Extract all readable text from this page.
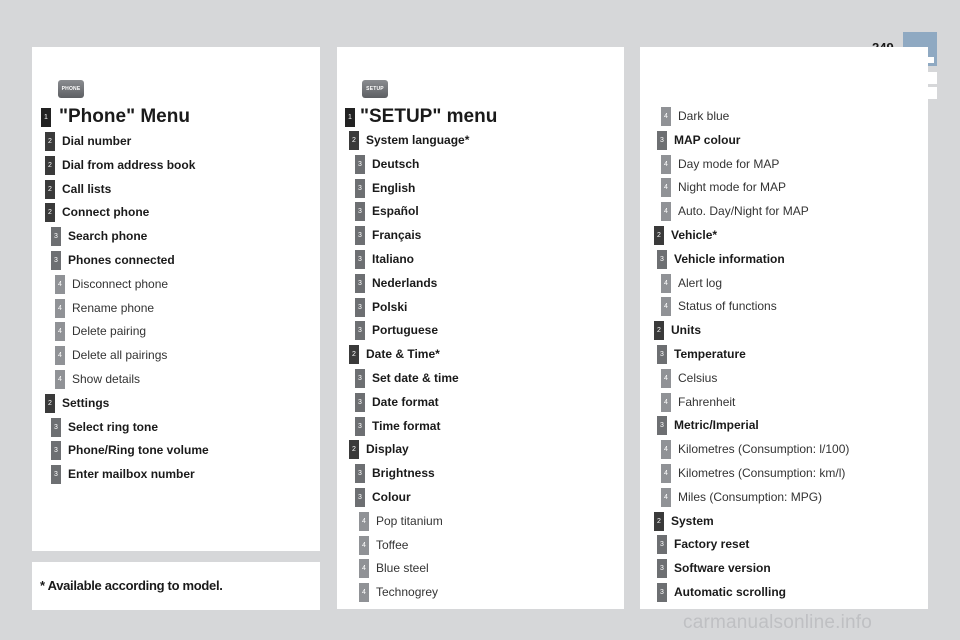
* Available according to model.
PHONE
1 "Phone" Menu
SETUP
1 "SETUP" menu
2 Dial number
2 Dial from address book
2 Call lists
2 Connect phone
3 Search phone
3 Phones connected
4 Disconnect phone
4 Rename phone
4 Delete pairing
4 Delete all pairings
4 Show details
2 Settings
3 Select ring tone
3 Phone/Ring tone volume
3 Enter mailbox number
2 System language*
3 Deutsch
3 English
3 Español
3 Français
3 Italiano
3 Nederlands
3 Polski
3 Portuguese
2 Date & Time*
3 Set date & time
3 Date format
3 Time format
2 Display
3 Brightness
3 Colour
4 Pop titanium
4 Toffee
4 Blue steel
4 Technogrey
4 Dark blue
3 MAP colour
4 Day mode for MAP
4 Night mode for MAP
4 Auto. Day/Night for MAP
2 Vehicle*
3 Vehicle information
4 Alert log
4 Status of functions
2 Units
3 Temperature
4 Celsius
4 Fahrenheit
3 Metric/Imperial
4 Kilometres (Consumption: l/100)
4 Kilometres (Consumption: km/l)
4 Miles (Consumption: MPG)
2 System
3 Factory reset
3 Software version
3 Automatic scrolling
carmanualsonline.info
